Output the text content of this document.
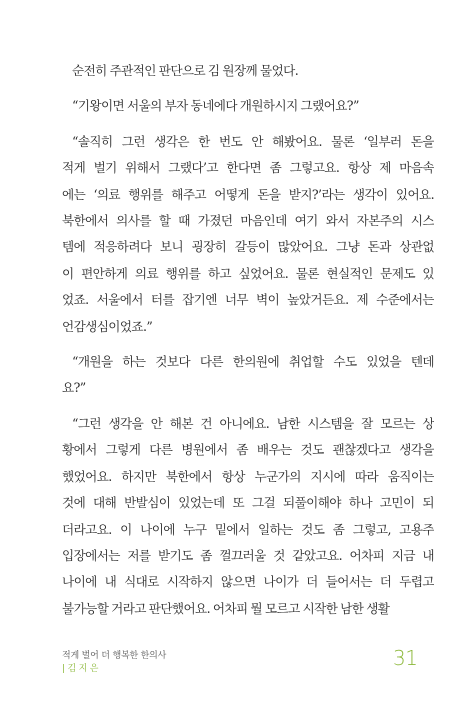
순전히 주관적인 판단으로 김 원장께 물었다.
“기왕이면 서울의 부자 동네에다 개원하시지 그랬어요?”
“솔직히 그런 생각은 한 번도 안 해봤어요. 물론 ‘일부러 돈을
적게 벌기 위해서 그랬다’고 한다면 좀 그렇고요. 항상 제 마음속
에는 ‘의료 행위를 해주고 어떻게 돈을 받지?’라는 생각이 있어요.
북한에서 의사를 할 때 가졌던 마음인데 여기 와서 자본주의 시스
템에 적응하려다 보니 굉장히 갈등이 많았어요. 그냥 돈과 상관없
이 편안하게 의료 행위를 하고 싶었어요. 물론 현실적인 문제도 있
었죠. 서울에서 터를 잡기엔 너무 벽이 높았거든요. 제 수준에서는
언감생심이었죠.”
“개원을 하는 것보다 다른 한의원에 취업할 수도 있었을 텐데
요?”
“그런 생각을 안 해본 건 아니에요. 남한 시스템을 잘 모르는 상
황에서 그렇게 다른 병원에서 좀 배우는 것도 괜찮겠다고 생각을
했었어요. 하지만 북한에서 항상 누군가의 지시에 따라 움직이는
것에 대해 반발심이 있었는데 또 그걸 되풀이해야 하나 고민이 되
더라고요. 이 나이에 누구 밑에서 일하는 것도 좀 그렇고, 고용주
입장에서는 저를 받기도 좀 껄끄러울 것 같았고요. 어차피 지금 내
나이에 내 식대로 시작하지 않으면 나이가 더 들어서는 더 두렵고
불가능할 거라고 판단했어요. 어차피 뭘 모르고 시작한 남한 생활
적게 벌어 더 행복한 한의사
| 김 지 은	31
